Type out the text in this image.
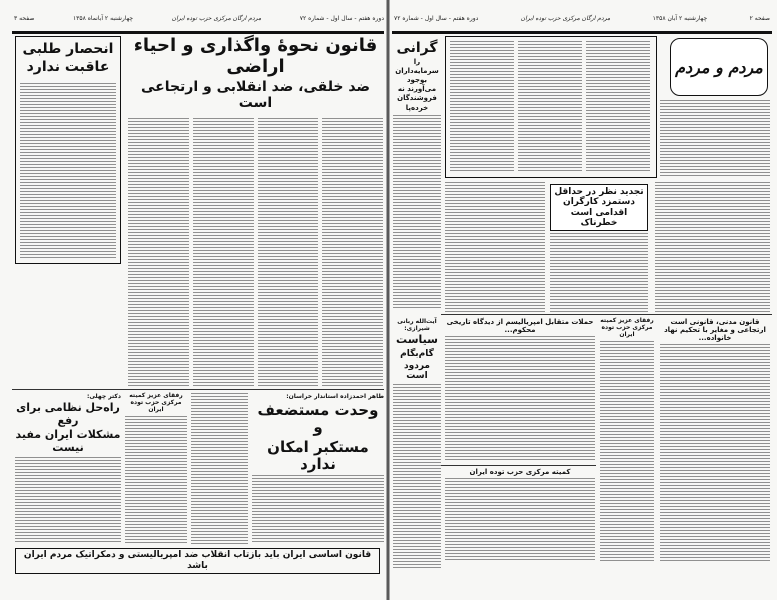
دوره هفتم - سال اول - شماره ۷۲
مردم ارگان مرکزی حزب توده ایران
چهارشنبه ۲ آبانماه ۱۳۵۸
صفحه ۳
انحصار طلبی
عاقبت ندارد
قانون نحوهٔ واگذاری و احیاء اراضی
ضد خلقی، ضد انقلابی و ارتجاعی است
دکتر چهلی:
راه‌حل نظامی برای رفع
مشکلات ایران مفید نیست
رفقای عزیز کمیته مرکزی حزب توده ایران
طاهر احمدزاده استاندار خراسان:
وحدت مستضعف و
مستکبر امکان ندارد
قانون اساسی ایران باید بازتاب انقلاب ضد امپریالیستی و دمکراتیک مردم ایران باشد
صفحه ۲
چهارشنبه ۲ آبان ۱۳۵۸
مردم ارگان مرکزی حزب توده ایران
دوره هفتم - سال اول - شماره ۷۲
گرانی
را سرمایه‌داران بوجود می‌آورند نه فروشندگان خرده‌پا
مردم و مردم
تجدید نظر در حداقل
دستمزد کارگران
اقدامی است خطرناک
آیت‌الله ربانی شیرازی:
سیاست
گام‌بگام
مردود است
حملات متقابل امپریالیسم از دیدگاه تاریخی محکوم...
رفقای عزیز کمیته مرکزی حزب توده ایران
قانون مدنی، قانونی است ارتجاعی و مغایر با تحکیم نهاد خانواده...
کمیته مرکزی حزب توده ایران
